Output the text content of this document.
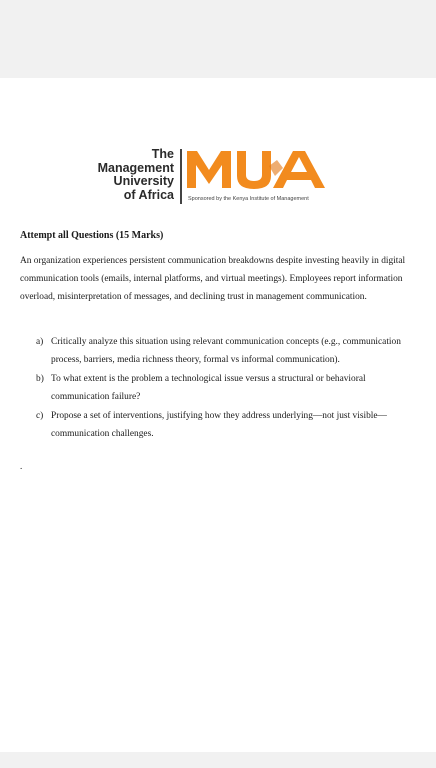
The
Management
University
of Africa	Sponsored by the Kenya Institute of Management
Attempt all Questions (15 Marks)

An organization experiences persistent communication breakdowns despite investing heavily in digital communication tools (emails, internal platforms, and virtual meetings). Employees report information overload, misinterpretation of messages, and declining trust in management communication.

a) Critically analyze this situation using relevant communication concepts (e.g., communication process, barriers, media richness theory, formal vs informal communication).
b) To what extent is the problem a technological issue versus a structural or behavioral communication failure?
c) Propose a set of interventions, justifying how they address underlying—not just visible—communication challenges.
.
